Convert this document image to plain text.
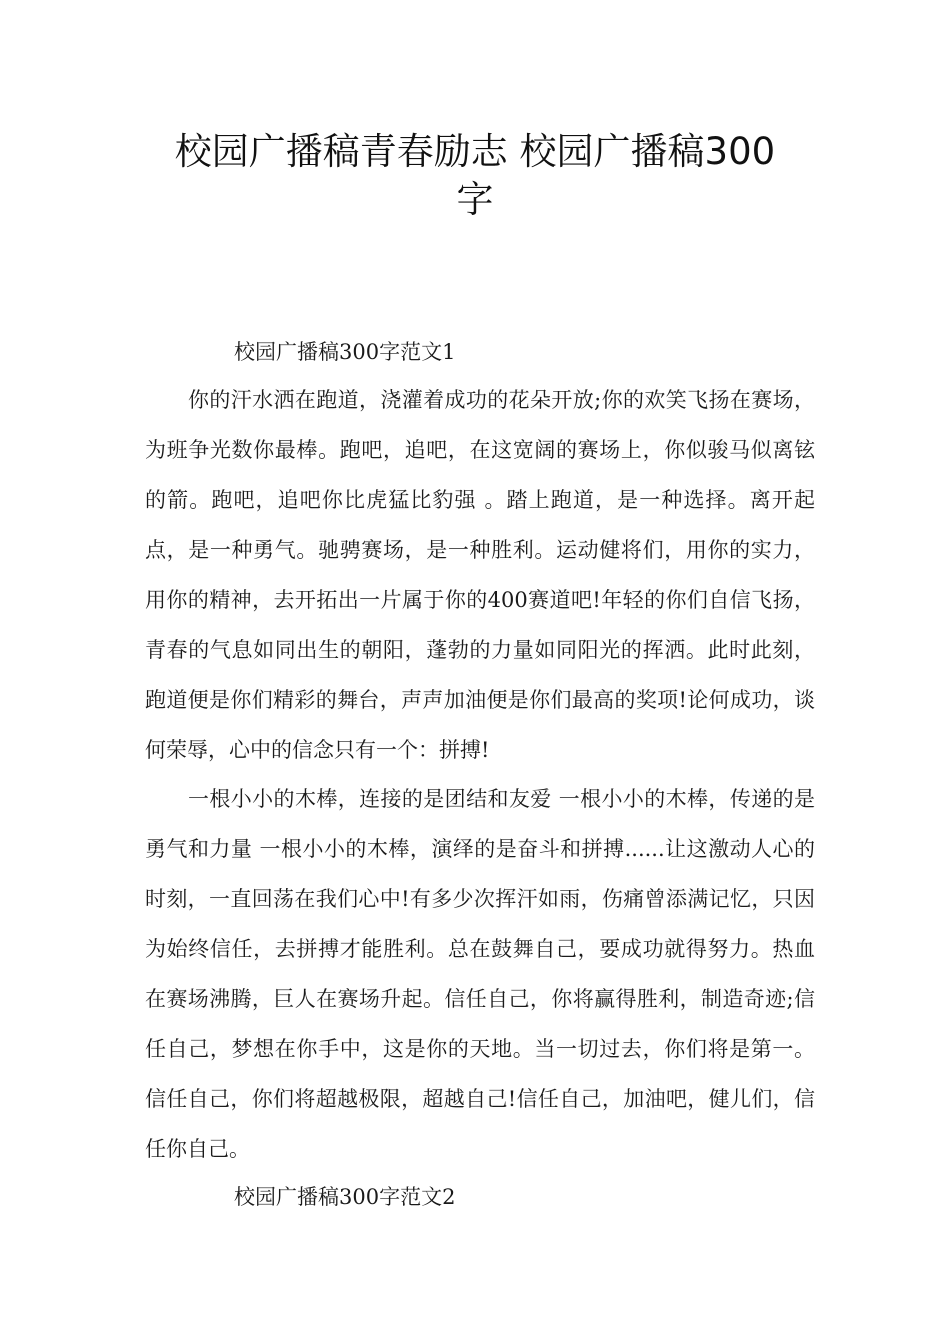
校园广播稿青春励志 校园广播稿300
字

校园广播稿300字范文1

你的汗水洒在跑道，浇灌着成功的花朵开放;你的欢笑飞扬在赛场，为班争光数你最棒。跑吧，追吧，在这宽阔的赛场上，你似骏马似离铉的箭。跑吧，追吧你比虎猛比豹强 。踏上跑道，是一种选择。离开起点，是一种勇气。驰骋赛场，是一种胜利。运动健将们，用你的实力，用你的精神，去开拓出一片属于你的400赛道吧!年轻的你们自信飞扬，青春的气息如同出生的朝阳，蓬勃的力量如同阳光的挥洒。此时此刻，跑道便是你们精彩的舞台，声声加油便是你们最高的奖项!论何成功，谈何荣辱，心中的信念只有一个：拼搏!

一根小小的木棒，连接的是团结和友爱 一根小小的木棒，传递的是勇气和力量 一根小小的木棒，演绎的是奋斗和拼搏......让这激动人心的时刻，一直回荡在我们心中!有多少次挥汗如雨，伤痛曾添满记忆，只因为始终信任，去拼搏才能胜利。总在鼓舞自己，要成功就得努力。热血在赛场沸腾，巨人在赛场升起。信任自己，你将赢得胜利，制造奇迹;信任自己，梦想在你手中，这是你的天地。当一切过去，你们将是第一。信任自己，你们将超越极限，超越自己!信任自己，加油吧，健儿们，信任你自己。

校园广播稿300字范文2
